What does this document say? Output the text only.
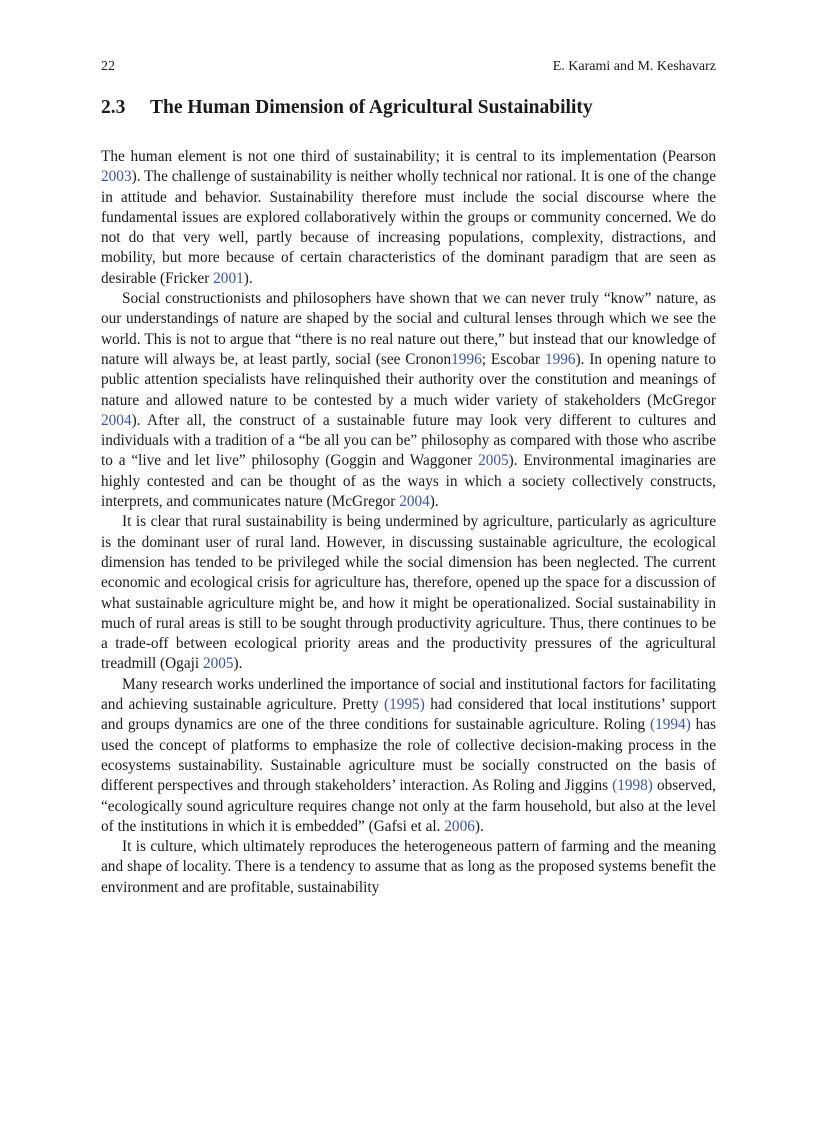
22	E. Karami and M. Keshavarz
2.3 The Human Dimension of Agricultural Sustainability

The human element is not one third of sustainability; it is central to its implementation (Pearson 2003). The challenge of sustainability is neither wholly technical nor rational. It is one of the change in attitude and behavior. Sustainability therefore must include the social discourse where the fundamental issues are explored collaboratively within the groups or community concerned. We do not do that very well, partly because of increasing populations, complexity, distractions, and mobility, but more because of certain characteristics of the dominant paradigm that are seen as desirable (Fricker 2001).

Social constructionists and philosophers have shown that we can never truly “know” nature, as our understandings of nature are shaped by the social and cultural lenses through which we see the world. This is not to argue that “there is no real nature out there,” but instead that our knowledge of nature will always be, at least partly, social (see Cronon1996; Escobar 1996). In opening nature to public attention specialists have relinquished their authority over the constitution and meanings of nature and allowed nature to be contested by a much wider variety of stakeholders (McGregor 2004). After all, the construct of a sustainable future may look very different to cultures and individuals with a tradition of a “be all you can be” philosophy as compared with those who ascribe to a “live and let live” philosophy (Goggin and Waggoner 2005). Environmental imaginaries are highly contested and can be thought of as the ways in which a society collectively constructs, interprets, and communicates nature (McGregor 2004).

It is clear that rural sustainability is being undermined by agriculture, particularly as agriculture is the dominant user of rural land. However, in discussing sustainable agriculture, the ecological dimension has tended to be privileged while the social dimension has been neglected. The current economic and ecological crisis for agriculture has, therefore, opened up the space for a discussion of what sustainable agriculture might be, and how it might be operationalized. Social sustainability in much of rural areas is still to be sought through productivity agriculture. Thus, there continues to be a trade-off between ecological priority areas and the productivity pressures of the agricultural treadmill (Ogaji 2005).

Many research works underlined the importance of social and institutional factors for facilitating and achieving sustainable agriculture. Pretty (1995) had considered that local institutions’ support and groups dynamics are one of the three conditions for sustainable agriculture. Roling (1994) has used the concept of platforms to emphasize the role of collective decision-making process in the ecosystems sustainability. Sustainable agriculture must be socially constructed on the basis of different perspectives and through stakeholders’ interaction. As Roling and Jiggins (1998) observed, “ecologically sound agriculture requires change not only at the farm household, but also at the level of the institutions in which it is embedded” (Gafsi et al. 2006).

It is culture, which ultimately reproduces the heterogeneous pattern of farming and the meaning and shape of locality. There is a tendency to assume that as long as the proposed systems benefit the environment and are profitable, sustainability
